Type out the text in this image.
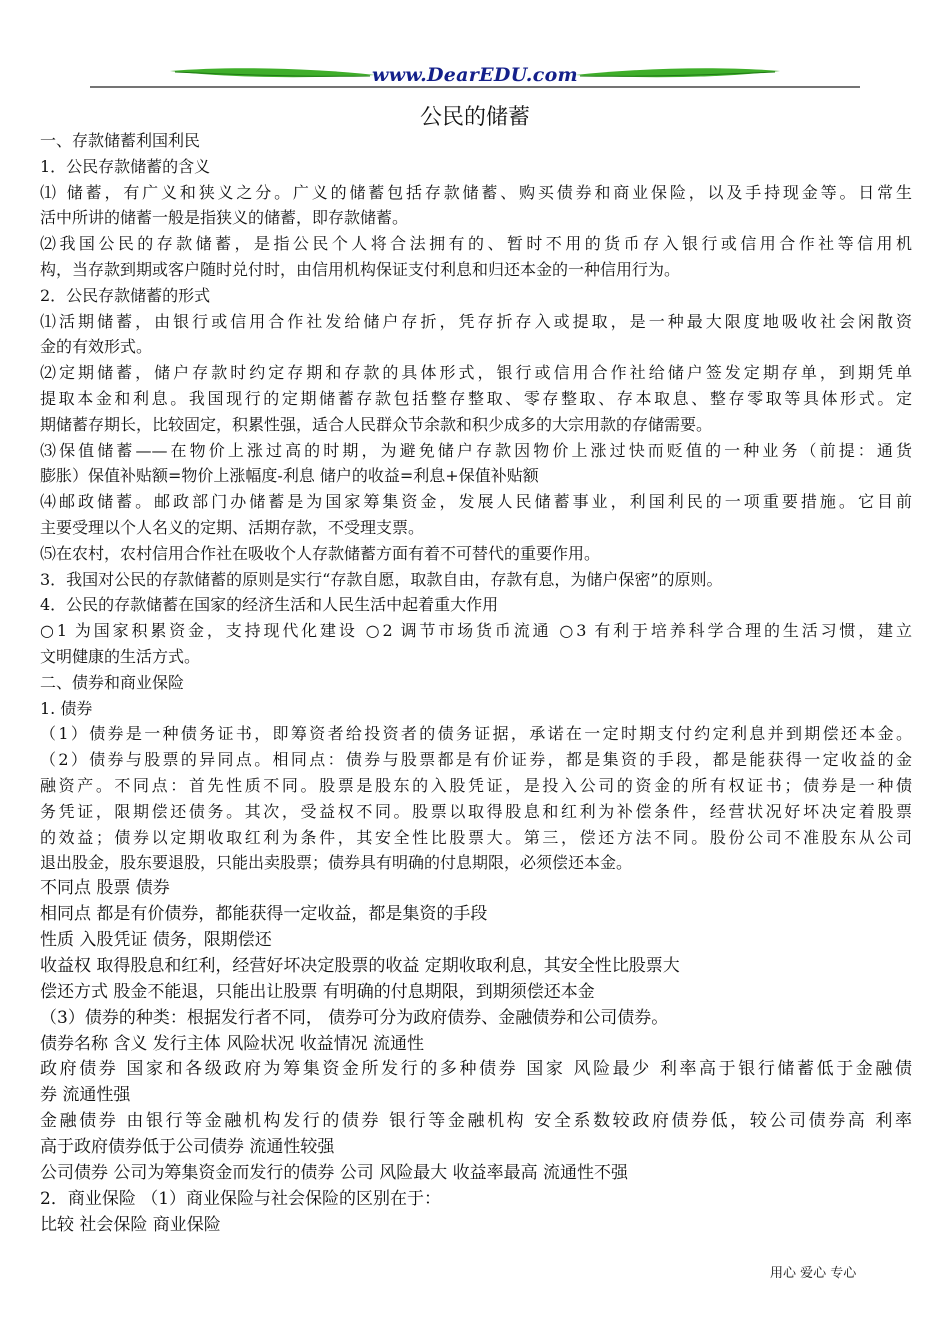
www.DearEDU.com
公民的储蓄
一、存款储蓄利国利民
1．公民存款储蓄的含义
⑴ 储蓄，有广义和狭义之分。广义的储蓄包括存款储蓄、购买债券和商业保险，以及手持现金等。日常生
活中所讲的储蓄一般是指狭义的储蓄，即存款储蓄。
⑵我国公民的存款储蓄，是指公民个人将合法拥有的、暂时不用的货币存入银行或信用合作社等信用机
构，当存款到期或客户随时兑付时，由信用机构保证支付利息和归还本金的一种信用行为。
2．公民存款储蓄的形式
⑴活期储蓄，由银行或信用合作社发给储户存折，凭存折存入或提取，是一种最大限度地吸收社会闲散资
金的有效形式。
⑵定期储蓄，储户存款时约定存期和存款的具体形式，银行或信用合作社给储户签发定期存单，到期凭单
提取本金和利息。我国现行的定期储蓄存款包括整存整取、零存整取、存本取息、整存零取等具体形式。定
期储蓄存期长，比较固定，积累性强，适合人民群众节余款和积少成多的大宗用款的存储需要。
⑶保值储蓄——在物价上涨过高的时期，为避免储户存款因物价上涨过快而贬值的一种业务（前提：通货
膨胀）保值补贴额=物价上涨幅度-利息 储户的收益=利息+保值补贴额
⑷邮政储蓄。邮政部门办储蓄是为国家筹集资金，发展人民储蓄事业，利国利民的一项重要措施。它目前
主要受理以个人名义的定期、活期存款，不受理支票。
⑸在农村，农村信用合作社在吸收个人存款储蓄方面有着不可替代的重要作用。
3．我国对公民的存款储蓄的原则是实行“存款自愿，取款自由，存款有息，为储户保密”的原则。
4．公民的存款储蓄在国家的经济生活和人民生活中起着重大作用
○1 为国家积累资金，支持现代化建设 ○2 调节市场货币流通 ○3 有利于培养科学合理的生活习惯，建立
文明健康的生活方式。
二、债券和商业保险
1. 债券
（1）债券是一种债务证书，即筹资者给投资者的债务证据，承诺在一定时期支付约定利息并到期偿还本金。
（2）债券与股票的异同点。相同点：债券与股票都是有价证券，都是集资的手段，都是能获得一定收益的金
融资产。不同点：首先性质不同。股票是股东的入股凭证，是投入公司的资金的所有权证书；债券是一种债
务凭证，限期偿还债务。其次，受益权不同。股票以取得股息和红利为补偿条件，经营状况好坏决定着股票
的效益；债券以定期收取红利为条件，其安全性比股票大。第三，偿还方法不同。股份公司不准股东从公司
退出股金，股东要退股，只能出卖股票；债券具有明确的付息期限，必须偿还本金。
不同点 股票 债券
相同点 都是有价债券，都能获得一定收益，都是集资的手段
性质 入股凭证 债务，限期偿还
收益权 取得股息和红利，经营好坏决定股票的收益 定期收取利息，其安全性比股票大
偿还方式 股金不能退，只能出让股票 有明确的付息期限，到期须偿还本金
（3）债券的种类：根据发行者不同， 债券可分为政府债券、金融债券和公司债券。
债券名称 含义 发行主体 风险状况 收益情况 流通性
政府债券 国家和各级政府为筹集资金所发行的多种债券 国家 风险最少 利率高于银行储蓄低于金融债
券 流通性强
金融债券 由银行等金融机构发行的债券 银行等金融机构 安全系数较政府债券低，较公司债券高 利率
高于政府债券低于公司债券 流通性较强
公司债券 公司为筹集资金而发行的债券 公司 风险最大 收益率最高 流通性不强
2．商业保险 （1）商业保险与社会保险的区别在于：
比较 社会保险 商业保险
用心 爱心 专心
